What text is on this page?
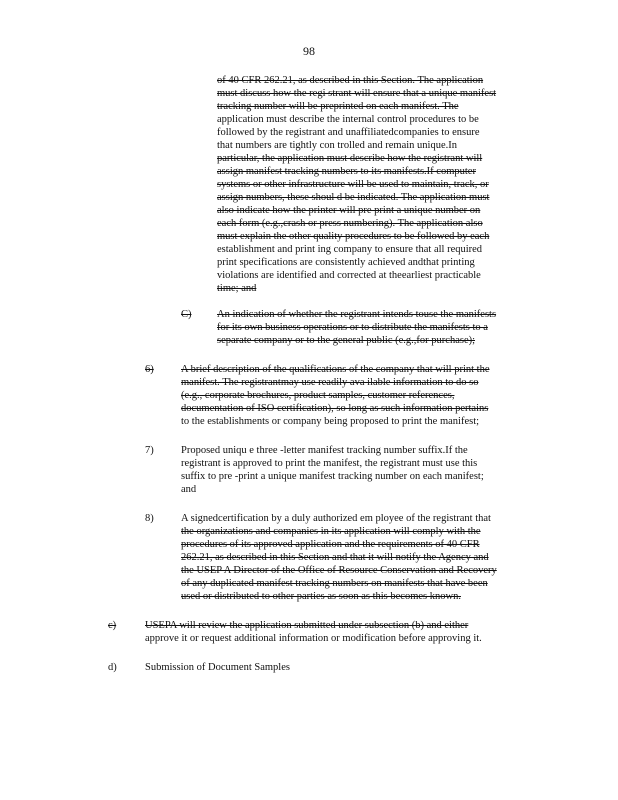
98
of 40 CFR 262.21, as described in this Section. The application
must discuss how the regi strant will ensure that a unique manifest
tracking number will be preprinted on each manifest. The
application must describe the internal control procedures to be
followed by the registrant and unaffiliatedcompanies to ensure
that numbers are tightly con trolled and remain unique.In
particular, the application must describe how the registrant will
assign manifest tracking numbers to its manifests.If computer
systems or other infrastructure will be used to maintain, track, or
assign numbers, these shoul d be indicated. The application must
also indicate how the printer will pre print a unique number on
each form (e.g.,crash or press numbering). The application also
must explain the other quality procedures to be followed by each
establishment and print ing company to ensure that all required
print specifications are consistently achieved andthat printing
violations are identified and corrected at theearliest practicable
time; and
C) An indication of whether the registrant intends touse the manifests
for its own business operations or to distribute the manifests to a
separate company or to the general public (e.g.,for purchase);
6)	A brief description of the qualifications of the company that will print the
manifest. The registrantmay use readily ava ilable information to do so
(e.g., corporate brochures, product samples, customer references,
documentation of ISO certification), so long as such information pertains
to the establishments or company being proposed to print the manifest;
7)	Proposed uniqu e three -letter manifest tracking number suffix.If the
registrant is approved to print the manifest, the registrant must use this
suffix to pre -print a unique manifest tracking number on each manifest;
and
8)	A signedcertification by a duly authorized em ployee of the registrant that
the organizations and companies in its application will comply with the
procedures of its approved application and the requirements of 40 CFR
262.21, as described in this Section and that it will notify the Agency and
the USEP A Director of the Office of Resource Conservation and Recovery
of any duplicated manifest tracking numbers on manifests that have been
used or distributed to other parties as soon as this becomes known.
c)	USEPA will review the application submitted under subsection (b) and either
approve it or request additional information or modification before approving it.
d)	Submission of Document Samples
